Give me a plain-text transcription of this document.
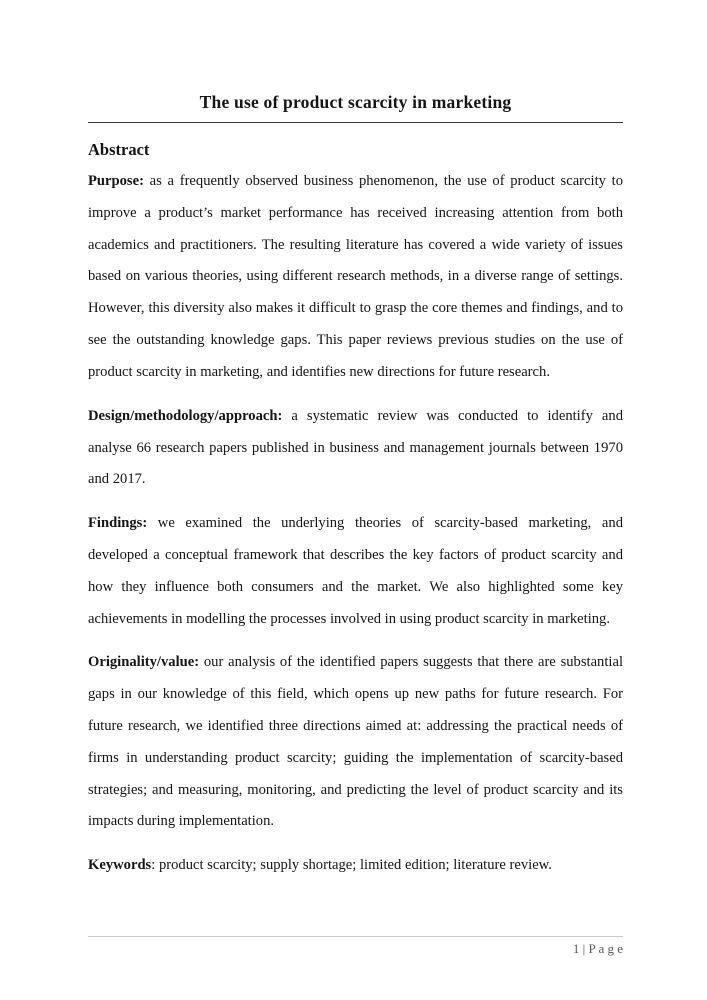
The use of product scarcity in marketing
Abstract

Purpose: as a frequently observed business phenomenon, the use of product scarcity to improve a product’s market performance has received increasing attention from both academics and practitioners. The resulting literature has covered a wide variety of issues based on various theories, using different research methods, in a diverse range of settings. However, this diversity also makes it difficult to grasp the core themes and findings, and to see the outstanding knowledge gaps. This paper reviews previous studies on the use of product scarcity in marketing, and identifies new directions for future research.

Design/methodology/approach: a systematic review was conducted to identify and analyse 66 research papers published in business and management journals between 1970 and 2017.

Findings: we examined the underlying theories of scarcity-based marketing, and developed a conceptual framework that describes the key factors of product scarcity and how they influence both consumers and the market. We also highlighted some key achievements in modelling the processes involved in using product scarcity in marketing.

Originality/value: our analysis of the identified papers suggests that there are substantial gaps in our knowledge of this field, which opens up new paths for future research. For future research, we identified three directions aimed at: addressing the practical needs of firms in understanding product scarcity; guiding the implementation of scarcity-based strategies; and measuring, monitoring, and predicting the level of product scarcity and its impacts during implementation.

Keywords: product scarcity; supply shortage; limited edition; literature review.

1 | P a g e
